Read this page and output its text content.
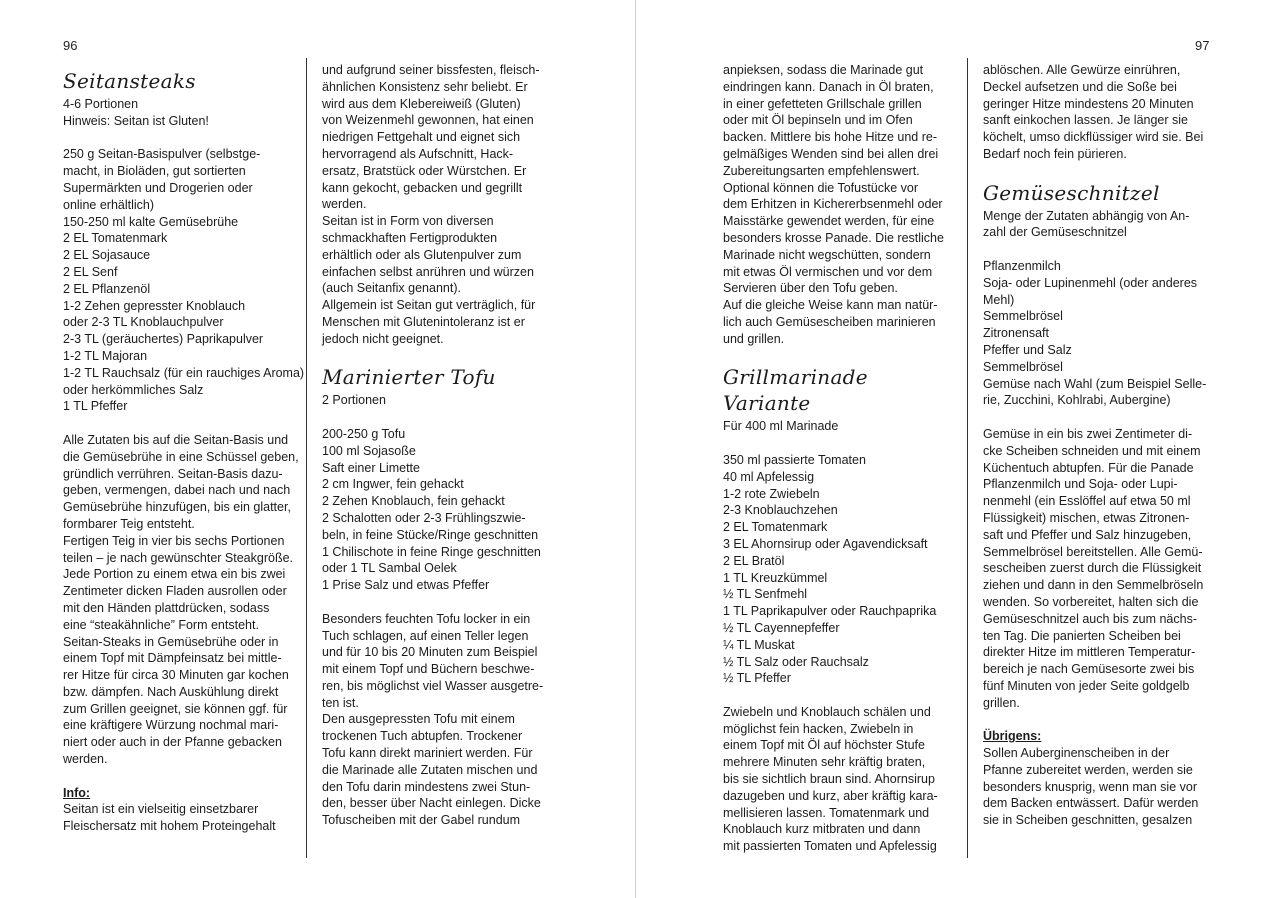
96	97
Seitansteaks
4-6 Portionen
Hinweis: Seitan ist Gluten!
250 g Seitan-Basispulver (selbstge-
macht, in Bioläden, gut sortierten
Supermärkten und Drogerien oder
online erhältlich)
150-250 ml kalte Gemüsebrühe
2 EL Tomatenmark
2 EL Sojasauce
2 EL Senf
2 EL Pflanzenöl
1-2 Zehen gepresster Knoblauch
oder 2-3 TL Knoblauchpulver
2-3 TL (geräuchertes) Paprikapulver
1-2 TL Majoran
1-2 TL Rauchsalz (für ein rauchiges Aroma)
oder herkömmliches Salz
1 TL Pfeffer
Alle Zutaten bis auf die Seitan-Basis und
die Gemüsebrühe in eine Schüssel geben,
gründlich verrühren. Seitan-Basis dazu-
geben, vermengen, dabei nach und nach
Gemüsebrühe hinzufügen, bis ein glatter,
formbarer Teig entsteht.
Fertigen Teig in vier bis sechs Portionen
teilen – je nach gewünschter Steakgröße.
Jede Portion zu einem etwa ein bis zwei
Zentimeter dicken Fladen ausrollen oder
mit den Händen plattdrücken, sodass
eine “steakähnliche” Form entsteht.
Seitan-Steaks in Gemüsebrühe oder in
einem Topf mit Dämpfeinsatz bei mittle-
rer Hitze für circa 30 Minuten gar kochen
bzw. dämpfen. Nach Auskühlung direkt
zum Grillen geeignet, sie können ggf. für
eine kräftigere Würzung nochmal mari-
niert oder auch in der Pfanne gebacken
werden.
Info:
Seitan ist ein vielseitig einsetzbarer
Fleischersatz mit hohem Proteingehalt
und aufgrund seiner bissfesten, fleisch-
ähnlichen Konsistenz sehr beliebt. Er
wird aus dem Klebereiweiß (Gluten)
von Weizenmehl gewonnen, hat einen
niedrigen Fettgehalt und eignet sich
hervorragend als Aufschnitt, Hack-
ersatz, Bratstück oder Würstchen. Er
kann gekocht, gebacken und gegrillt
werden.
Seitan ist in Form von diversen
schmackhaften Fertigprodukten
erhältlich oder als Glutenpulver zum
einfachen selbst anrühren und würzen
(auch Seitanfix genannt).
Allgemein ist Seitan gut verträglich, für
Menschen mit Glutenintoleranz ist er
jedoch nicht geeignet.
Marinierter Tofu
2 Portionen
200-250 g Tofu
100 ml Sojasoße
Saft einer Limette
2 cm Ingwer, fein gehackt
2 Zehen Knoblauch, fein gehackt
2 Schalotten oder 2-3 Frühlingszwie-
beln, in feine Stücke/Ringe geschnitten
1 Chilischote in feine Ringe geschnitten
oder 1 TL Sambal Oelek
1 Prise Salz und etwas Pfeffer
Besonders feuchten Tofu locker in ein
Tuch schlagen, auf einen Teller legen
und für 10 bis 20 Minuten zum Beispiel
mit einem Topf und Büchern beschwe-
ren, bis möglichst viel Wasser ausgetre-
ten ist.
Den ausgepressten Tofu mit einem
trockenen Tuch abtupfen. Trockener
Tofu kann direkt mariniert werden. Für
die Marinade alle Zutaten mischen und
den Tofu darin mindestens zwei Stun-
den, besser über Nacht einlegen. Dicke
Tofuscheiben mit der Gabel rundum
anpieksen, sodass die Marinade gut
eindringen kann. Danach in Öl braten,
in einer gefetteten Grillschale grillen
oder mit Öl bepinseln und im Ofen
backen. Mittlere bis hohe Hitze und re-
gelmäßiges Wenden sind bei allen drei
Zubereitungsarten empfehlenswert.
Optional können die Tofustücke vor
dem Erhitzen in Kichererbsenmehl oder
Maisstärke gewendet werden, für eine
besonders krosse Panade. Die restliche
Marinade nicht wegschütten, sondern
mit etwas Öl vermischen und vor dem
Servieren über den Tofu geben.
Auf die gleiche Weise kann man natür-
lich auch Gemüsescheiben marinieren
und grillen.
Grillmarinade Variante
Für 400 ml Marinade
350 ml passierte Tomaten
40 ml Apfelessig
1-2 rote Zwiebeln
2-3 Knoblauchzehen
2 EL Tomatenmark
3 EL Ahornsirup oder Agavendicksaft
2 EL Bratöl
1 TL Kreuzkümmel
½ TL Senfmehl
1 TL Paprikapulver oder Rauchpaprika
½ TL Cayennepfeffer
¼ TL Muskat
½ TL Salz oder Rauchsalz
½ TL Pfeffer
Zwiebeln und Knoblauch schälen und
möglichst fein hacken, Zwiebeln in
einem Topf mit Öl auf höchster Stufe
mehrere Minuten sehr kräftig braten,
bis sie sichtlich braun sind. Ahornsirup
dazugeben und kurz, aber kräftig kara-
mellisieren lassen. Tomatenmark und
Knoblauch kurz mitbraten und dann
mit passierten Tomaten und Apfelessig
ablöschen. Alle Gewürze einrühren,
Deckel aufsetzen und die Soße bei
geringer Hitze mindestens 20 Minuten
sanft einkochen lassen. Je länger sie
köchelt, umso dickflüssiger wird sie. Bei
Bedarf noch fein pürieren.
Gemüseschnitzel
Menge der Zutaten abhängig von An-
zahl der Gemüseschnitzel
Pflanzenmilch
Soja- oder Lupinenmehl (oder anderes
Mehl)
Semmelbrösel
Zitronensaft
Pfeffer und Salz
Semmelbrösel
Gemüse nach Wahl (zum Beispiel Selle-
rie, Zucchini, Kohlrabi, Aubergine)
Gemüse in ein bis zwei Zentimeter di-
cke Scheiben schneiden und mit einem
Küchentuch abtupfen. Für die Panade
Pflanzenmilch und Soja- oder Lupi-
nenmehl (ein Esslöffel auf etwa 50 ml
Flüssigkeit) mischen, etwas Zitronen-
saft und Pfeffer und Salz hinzugeben,
Semmelbrösel bereitstellen. Alle Gemü-
sescheiben zuerst durch die Flüssigkeit
ziehen und dann in den Semmelbröseln
wenden. So vorbereitet, halten sich die
Gemüseschnitzel auch bis zum nächs-
ten Tag. Die panierten Scheiben bei
direkter Hitze im mittleren Temperatur-
bereich je nach Gemüsesorte zwei bis
fünf Minuten von jeder Seite goldgelb
grillen.
Übrigens:
Sollen Auberginenscheiben in der
Pfanne zubereitet werden, werden sie
besonders knusprig, wenn man sie vor
dem Backen entwässert. Dafür werden
sie in Scheiben geschnitten, gesalzen
